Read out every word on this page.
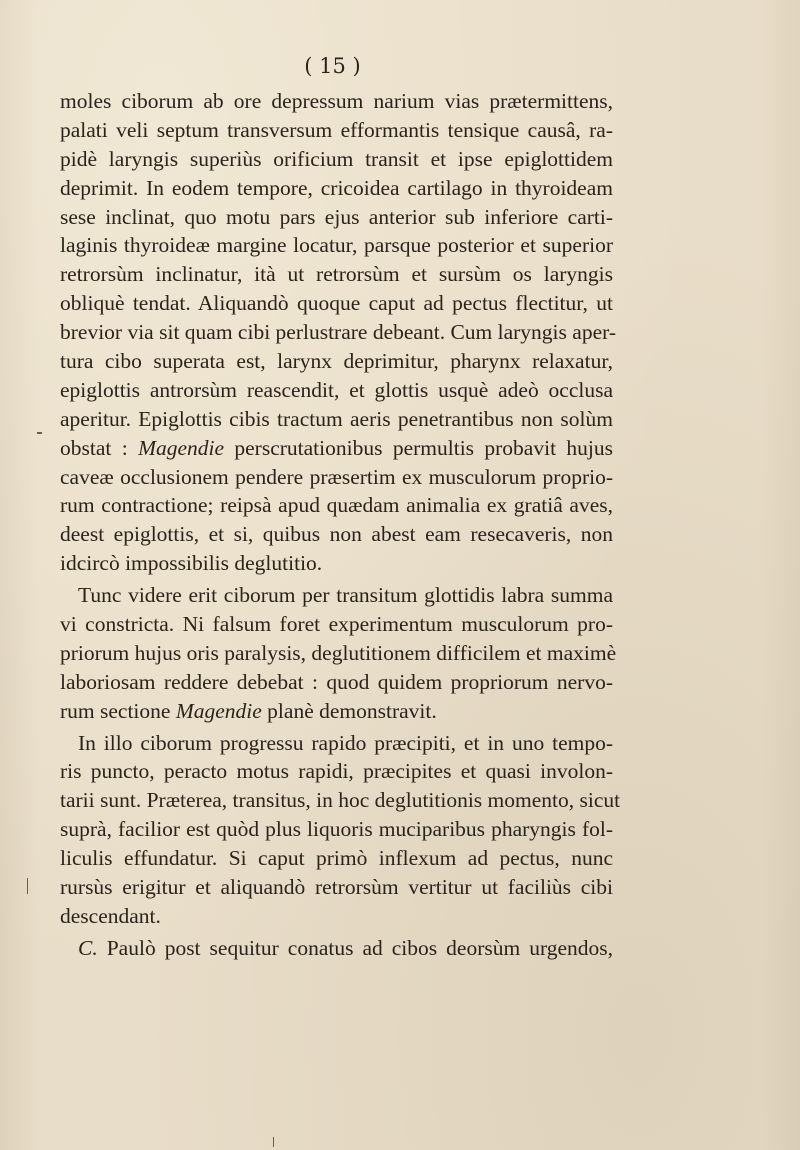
( 15 )
moles ciborum ab ore depressum narium vias prætermittens,
palati veli septum transversum efformantis tensique causâ, ra-
pidè laryngis superiùs orificium transit et ipse epiglottidem
deprimit. In eodem tempore, cricoidea cartilago in thyroideam
sese inclinat, quo motu pars ejus anterior sub inferiore carti-
laginis thyroideæ margine locatur, parsque posterior et superior
retrorsùm inclinatur, ità ut retrorsùm et sursùm os laryngis
obliquè tendat. Aliquandò quoque caput ad pectus flectitur, ut
brevior via sit quam cibi perlustrare debeant. Cum laryngis aper-
tura cibo superata est, larynx deprimitur, pharynx relaxatur,
epiglottis antrorsùm reascendit, et glottis usquè adeò occlusa
aperitur. Epiglottis cibis tractum aeris penetrantibus non solùm
obstat : Magendie perscrutationibus permultis probavit hujus
caveæ occlusionem pendere præsertim ex musculorum proprio-
rum contractione; reipsà apud quædam animalia ex gratiâ aves,
deest epiglottis, et si, quibus non abest eam resecaveris, non
idcircò impossibilis deglutitio.
Tunc videre erit ciborum per transitum glottidis labra summa
vi constricta. Ni falsum foret experimentum musculorum pro-
priorum hujus oris paralysis, deglutitionem difficilem et maximè
laboriosam reddere debebat : quod quidem propriorum nervo-
rum sectione Magendie planè demonstravit.
In illo ciborum progressu rapido præcipiti, et in uno tempo-
ris puncto, peracto motus rapidi, præcipites et quasi involon-
tarii sunt. Præterea, transitus, in hoc deglutitionis momento, sicut
suprà, facilior est quòd plus liquoris muciparibus pharyngis fol-
liculis effundatur. Si caput primò inflexum ad pectus, nunc
rursùs erigitur et aliquandò retrorsùm vertitur ut faciliùs cibi
descendant.
C. Paulò post sequitur conatus ad cibos deorsùm urgendos,
